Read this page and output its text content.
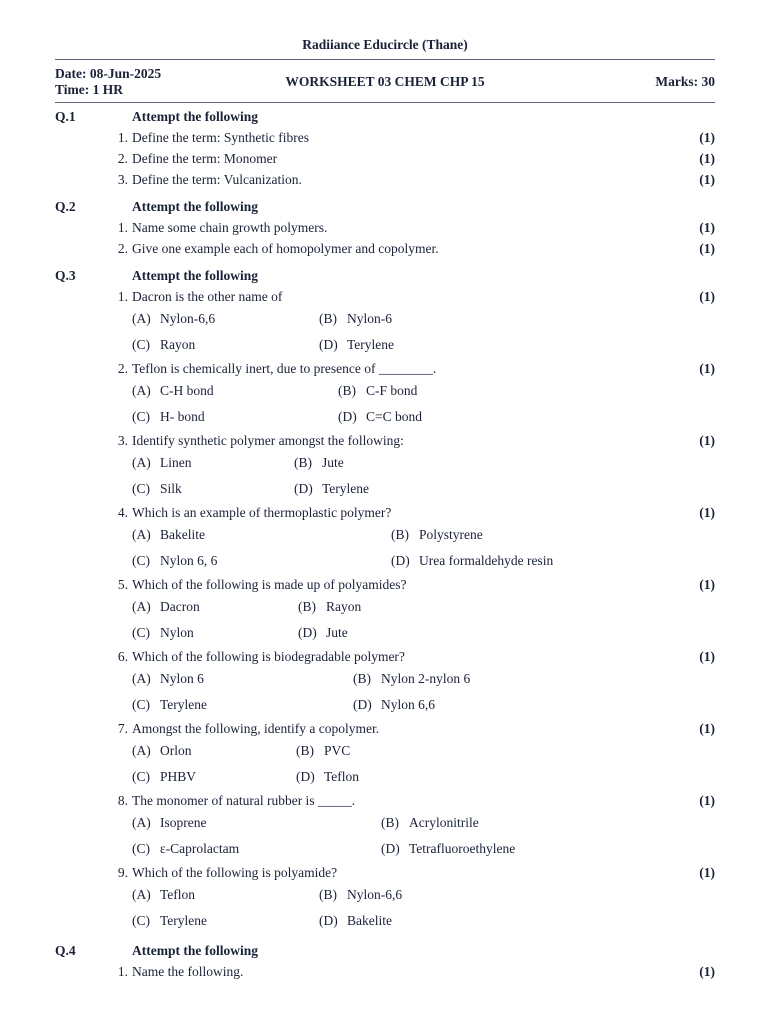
Radiiance Educircle (Thane)
Date: 08-Jun-2025
Time: 1 HR
WORKSHEET 03 CHEM CHP 15	Marks: 30
Q.1	Attempt the following
1. Define the term: Synthetic fibres	(1)
2. Define the term: Monomer	(1)
3. Define the term: Vulcanization.	(1)
Q.2	Attempt the following
1. Name some chain growth polymers.	(1)
2. Give one example each of homopolymer and copolymer.	(1)
Q.3	Attempt the following
1. Dacron is the other name of	(1)
(A) Nylon-6,6	(B) Nylon-6
(C) Rayon	(D) Terylene
2. Teflon is chemically inert, due to presence of ________.	(1)
(A) C-H bond	(B) C-F bond
(C) H- bond	(D) C=C bond
3. Identify synthetic polymer amongst the following:	(1)
(A) Linen	(B) Jute
(C) Silk	(D) Terylene
4. Which is an example of thermoplastic polymer?	(1)
(A) Bakelite	(B) Polystyrene
(C) Nylon 6, 6	(D) Urea formaldehyde resin
5. Which of the following is made up of polyamides?	(1)
(A) Dacron	(B) Rayon
(C) Nylon	(D) Jute
6. Which of the following is biodegradable polymer?	(1)
(A) Nylon 6	(B) Nylon 2-nylon 6
(C) Terylene	(D) Nylon 6,6
7. Amongst the following, identify a copolymer.	(1)
(A) Orlon	(B) PVC
(C) PHBV	(D) Teflon
8. The monomer of natural rubber is _____.	(1)
(A) Isoprene	(B) Acrylonitrile
(C) ε-Caprolactam	(D) Tetrafluoroethylene
9. Which of the following is polyamide?	(1)
(A) Teflon	(B) Nylon-6,6
(C) Terylene	(D) Bakelite
Q.4	Attempt the following
1. Name the following.	(1)
